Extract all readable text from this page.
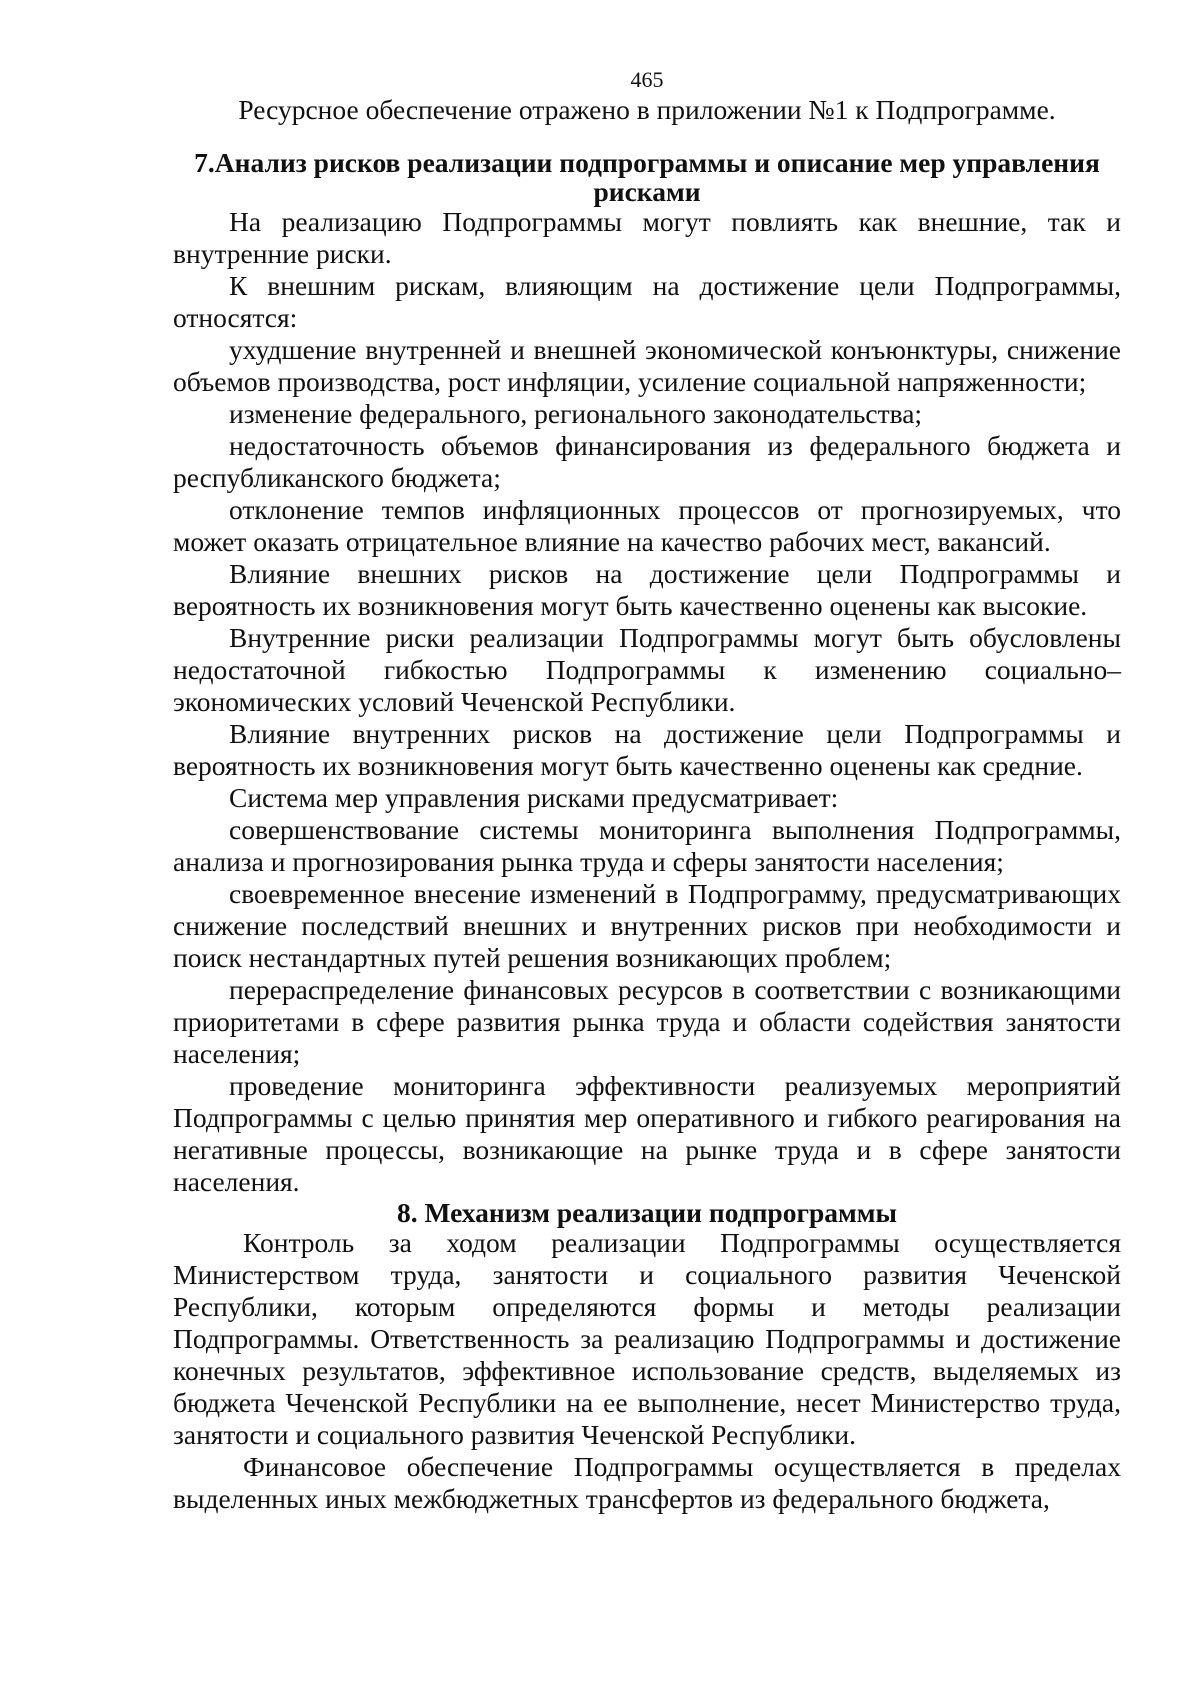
465

Ресурсное обеспечение отражено в приложении №1 к Подпрограмме.

7.Анализ рисков реализации подпрограммы и описание мер управления рисками

На реализацию Подпрограммы могут повлиять как внешние, так и внутренние риски.

К внешним рискам, влияющим на достижение цели Подпрограммы, относятся:

ухудшение внутренней и внешней экономической конъюнктуры, снижение объемов производства, рост инфляции, усиление социальной напряженности;

изменение федерального, регионального законодательства;

недостаточность объемов финансирования из федерального бюджета и республиканского бюджета;

отклонение темпов инфляционных процессов от прогнозируемых, что может оказать отрицательное влияние на качество рабочих мест, вакансий.

Влияние внешних рисков на достижение цели Подпрограммы и вероятность их возникновения могут быть качественно оценены как высокие.

Внутренние риски реализации Подпрограммы могут быть обусловлены недостаточной гибкостью Подпрограммы к изменению социально–экономических условий Чеченской Республики.

Влияние внутренних рисков на достижение цели Подпрограммы и вероятность их возникновения могут быть качественно оценены как средние.

Система мер управления рисками предусматривает:

совершенствование системы мониторинга выполнения Подпрограммы, анализа и прогнозирования рынка труда и сферы занятости населения;

своевременное внесение изменений в Подпрограмму, предусматривающих снижение последствий внешних и внутренних рисков при необходимости и поиск нестандартных путей решения возникающих проблем;

перераспределение финансовых ресурсов в соответствии с возникающими приоритетами в сфере развития рынка труда и области содействия занятости населения;

проведение мониторинга эффективности реализуемых мероприятий Подпрограммы с целью принятия мер оперативного и гибкого реагирования на негативные процессы, возникающие на рынке труда и в сфере занятости населения.

8. Механизм реализации подпрограммы

Контроль за ходом реализации Подпрограммы осуществляется Министерством труда, занятости и социального развития Чеченской Республики, которым определяются формы и методы реализации Подпрограммы. Ответственность за реализацию Подпрограммы и достижение конечных результатов, эффективное использование средств, выделяемых из бюджета Чеченской Республики на ее выполнение, несет Министерство труда, занятости и социального развития Чеченской Республики.

Финансовое обеспечение Подпрограммы осуществляется в пределах выделенных иных межбюджетных трансфертов из федерального бюджета,
